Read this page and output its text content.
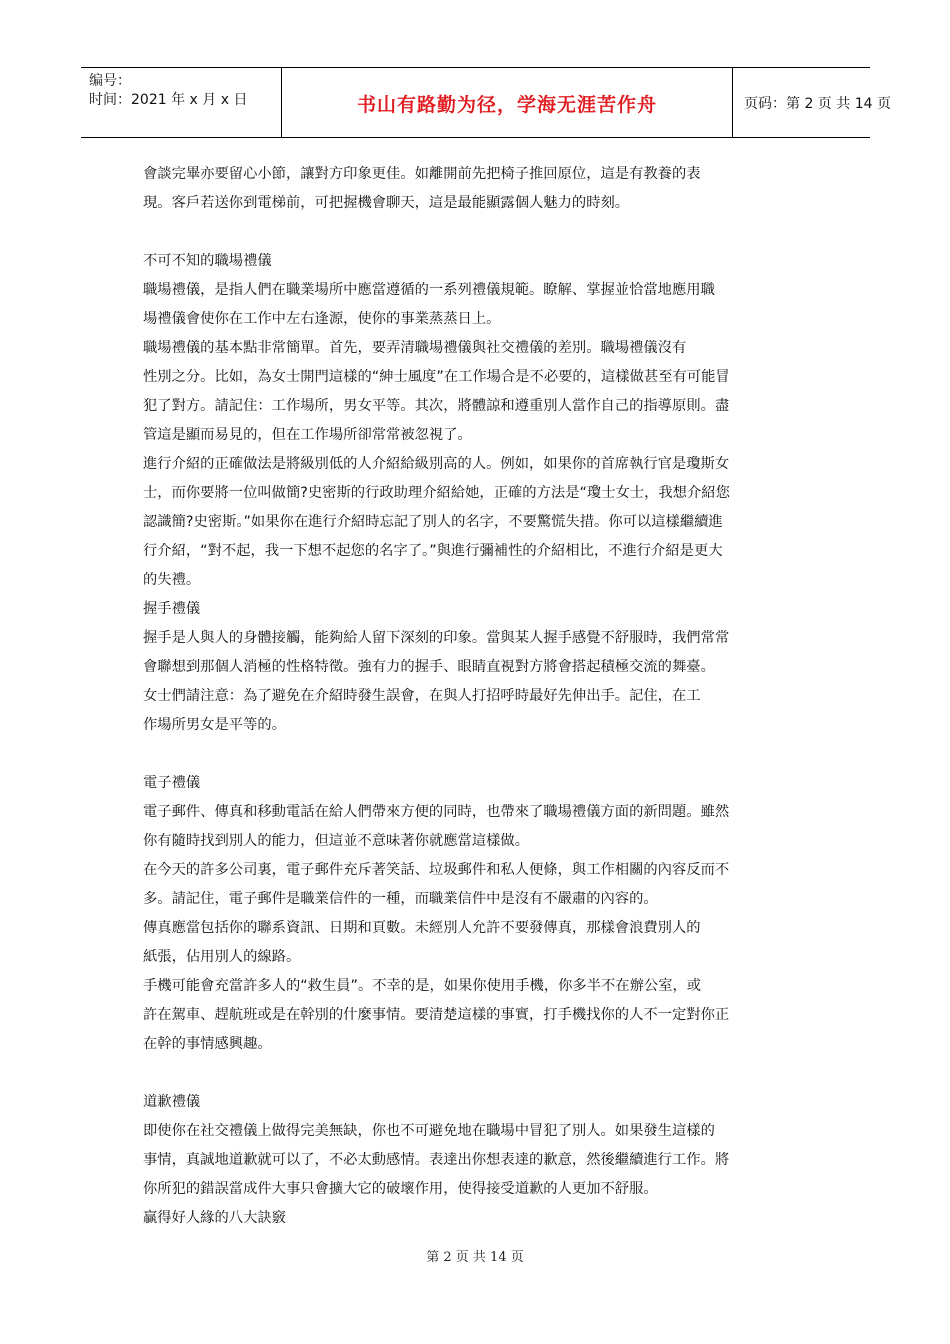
编号：
时间：2021 年 x 月 x 日	书山有路勤为径，学海无涯苦作舟	页码：第 2 页 共 14 页
會談完畢亦要留心小節，讓對方印象更佳。如離開前先把椅子推回原位，這是有教養的表
現。客戶若送你到電梯前，可把握機會聊天，這是最能顯露個人魅力的時刻。
不可不知的職場禮儀
職場禮儀，是指人們在職業場所中應當遵循的一系列禮儀規範。瞭解、掌握並恰當地應用職
場禮儀會使你在工作中左右逢源，使你的事業蒸蒸日上。
職場禮儀的基本點非常簡單。首先，要弄清職場禮儀與社交禮儀的差別。職場禮儀沒有
性別之分。比如，為女士開門這樣的“紳士風度”在工作場合是不必要的，這樣做甚至有可能冒
犯了對方。請記住：工作場所，男女平等。其次，將體諒和遵重別人當作自己的指導原則。盡
管這是顯而易見的，但在工作場所卻常常被忽視了。
進行介紹的正確做法是將級別低的人介紹給級別高的人。例如，如果你的首席執行官是瓊斯女
士，而你要將一位叫做簡?史密斯的行政助理介紹給她，正確的方法是“瓊士女士，我想介紹您
認識簡?史密斯。”如果你在進行介紹時忘記了別人的名字，不要驚慌失措。你可以這樣繼續進
行介紹，“對不起，我一下想不起您的名字了。”與進行彌補性的介紹相比，不進行介紹是更大
的失禮。
握手禮儀
握手是人與人的身體接觸，能夠給人留下深刻的印象。當與某人握手感覺不舒服時，我們常常
會聯想到那個人消極的性格特徵。強有力的握手、眼睛直視對方將會搭起積極交流的舞臺。
女士們請注意：為了避免在介紹時發生誤會，在與人打招呼時最好先伸出手。記住，在工
作場所男女是平等的。
電子禮儀
電子郵件、傳真和移動電話在給人們帶來方便的同時，也帶來了職場禮儀方面的新問題。雖然
你有隨時找到別人的能力，但這並不意味著你就應當這樣做。
在今天的許多公司裏，電子郵件充斥著笑話、垃圾郵件和私人便條，與工作相關的內容反而不
多。請記住，電子郵件是職業信件的一種，而職業信件中是沒有不嚴肅的內容的。
傳真應當包括你的聯系資訊、日期和頁數。未經別人允許不要發傳真，那樣會浪費別人的
紙張，佔用別人的線路。
手機可能會充當許多人的“救生員”。不幸的是，如果你使用手機，你多半不在辦公室，或
許在駕車、趕航班或是在幹別的什麼事情。要清楚這樣的事實，打手機找你的人不一定對你正
在幹的事情感興趣。
道歉禮儀
即使你在社交禮儀上做得完美無缺，你也不可避免地在職場中冒犯了別人。如果發生這樣的
事情，真誠地道歉就可以了，不必太動感情。表達出你想表達的歉意，然後繼續進行工作。將
你所犯的錯誤當成件大事只會擴大它的破壞作用，使得接受道歉的人更加不舒服。
贏得好人緣的八大訣竅
第 2 页 共 14 页
